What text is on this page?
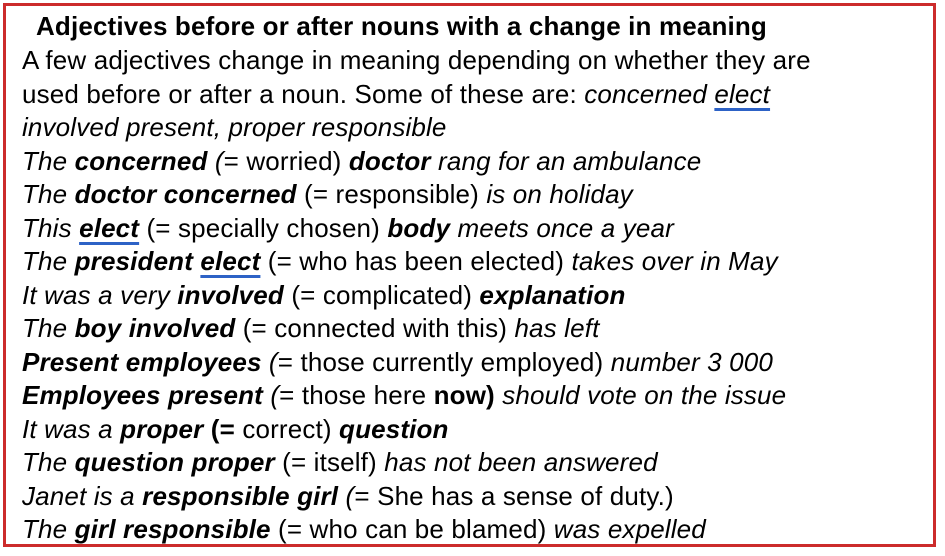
Adjectives before or after nouns with a change in meaning
A few adjectives change in meaning depending on whether they are
used before or after a noun. Some of these are: concerned elect
involved present, proper responsible
The concerned (= worried) doctor rang for an ambulance
The doctor concerned (= responsible) is on holiday
This elect (= specially chosen) body meets once a year
The president elect (= who has been elected) takes over in May
It was a very involved (= complicated) explanation
The boy involved (= connected with this) has left
Present employees (= those currently employed) number 3 000
Employees present (= those here now) should vote on the issue
It was a proper (= correct) question
The question proper (= itself) has not been answered
Janet is a responsible girl (= She has a sense of duty.)
The girl responsible (= who can be blamed) was expelled
